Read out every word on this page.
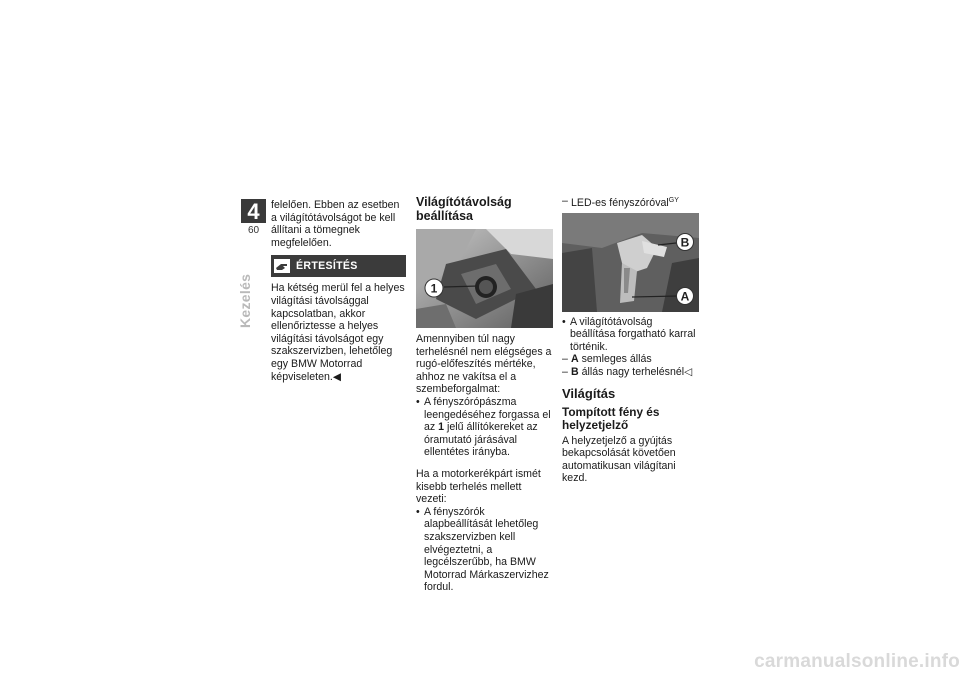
4
60
Kezelés

felelően. Ebben az esetben a világítótávolságot be kell állítani a tömegnek megfelelően.

ÉRTESÍTÉS

Ha kétség merül fel a helyes világítási távolsággal kapcsolatban, akkor ellenőriztesse a helyes világítási távolságot egy szakszervizben, lehetőleg egy BMW Motorrad képviseleten.◀

Világítótávolság beállítása
1

Amennyiben túl nagy terhelésnél nem elégséges a rugó-előfeszítés mértéke, ahhoz ne vakítsa el a szembeforgalmat:

• A fényszórópászma leengedéséhez forgassa el az 1 jelű állítókereket az óramutató járásával ellentétes irányba.

Ha a motorkerékpárt ismét kisebb terhelés mellett vezeti:

• A fényszórók alapbeállítását lehetőleg szakszervizben kell elvégeztetni, a legcélszerűbb, ha BMW Motorrad Márkaszervizhez fordul.
– LED-es fényszóróval$^{GY}$
B
A
• A világítótávolság beállítása forgatható karral történik.
– A semleges állás
– B állás nagy terhelésnél◁
Világítás
Tompított fény és helyzetjelző

A helyzetjelző a gyújtás bekapcsolását követően automatikusan világítani kezd.

carmanualsonline.info
